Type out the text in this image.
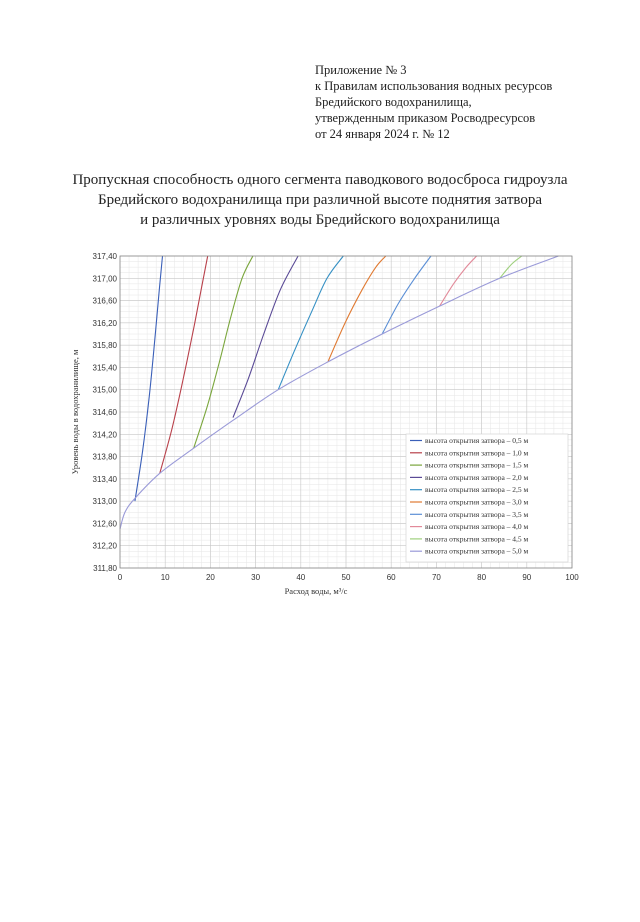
Приложение № 3
к Правилам использования водных ресурсов
Бредийского водохранилища,
утвержденным приказом Росводресурсов
от 24 января 2024 г. № 12
Пропускная способность одного сегмента паводкового водосброса гидроузла
Бредийского водохранилища при различной высоте поднятия затвора
и различных уровнях воды Бредийского водохранилища
0	10	20	30	40	50	60	70	80	90	100
311,80
312,20
312,60
313,00
313,40
313,80
314,20
314,60
315,00
315,40
315,80
316,20
316,60
317,00
317,40
высота открытия затвора – 0,5 м
высота открытия затвора – 1,0 м
высота открытия затвора – 1,5 м
высота открытия затвора – 2,0 м
высота открытия затвора – 2,5 м
высота открытия затвора – 3,0 м
высота открытия затвора – 3,5 м
высота открытия затвора – 4,0 м
высота открытия затвора – 4,5 м
высота открытия затвора – 5,0 м
Расход воды, м³/с
Уровень воды в водохранилище, м
